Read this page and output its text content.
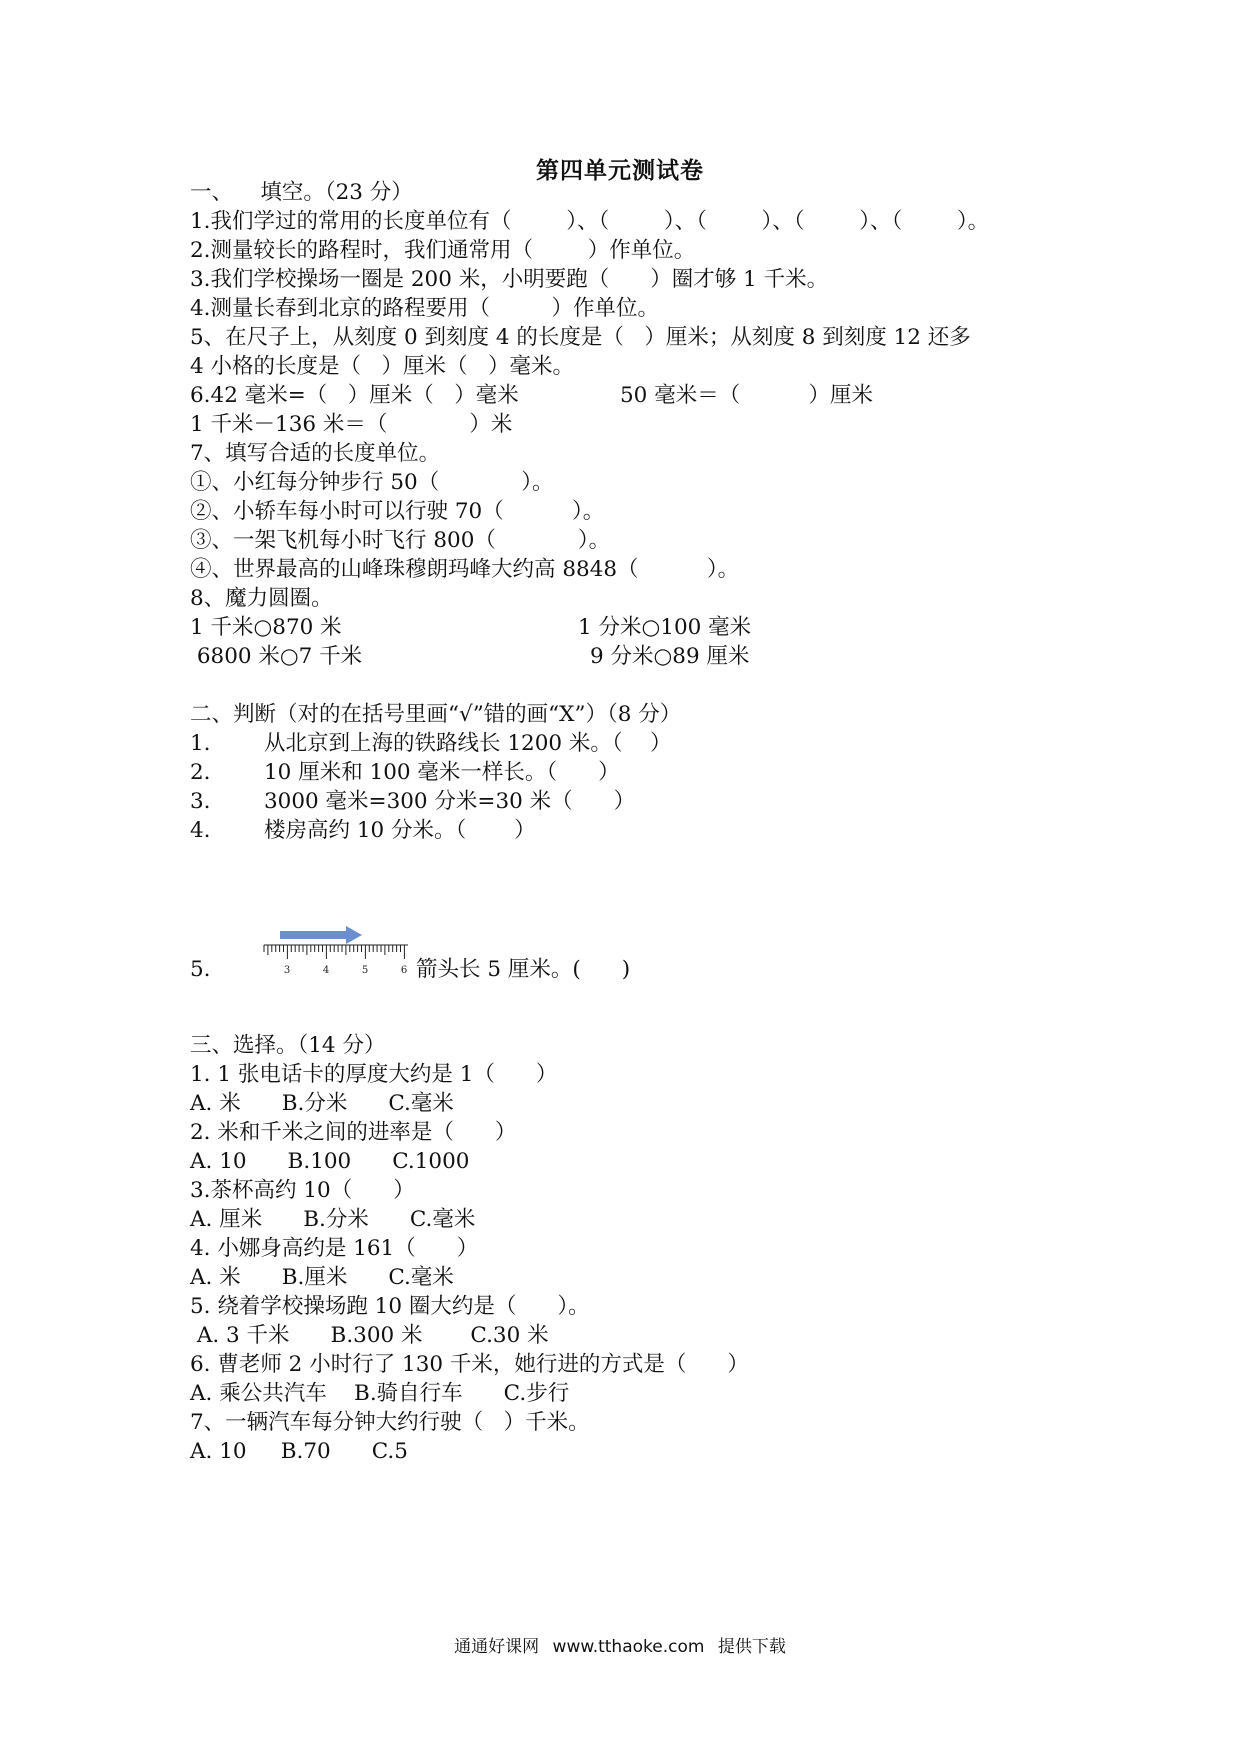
第四单元测试卷
一、    填空。（23 分）
1.我们学过的常用的长度单位有（        ）、（        ）、（        ）、（        ）、（        ）。
2.测量较长的路程时，我们通常用（        ）作单位。
3.我们学校操场一圈是 200 米，小明要跑（      ）圈才够 1 千米。
4.测量长春到北京的路程要用（         ）作单位。
5、在尺子上，从刻度 0 到刻度 4 的长度是（   ）厘米；从刻度 8 到刻度 12 还多
4 小格的长度是（   ）厘米（   ）毫米。
6.42 毫米=（   ）厘米（   ）毫米	50 毫米＝（          ）厘米
1 千米－136 米＝（            ）米
7、填写合适的长度单位。
①、小红每分钟步行 50（            ）。
②、小轿车每小时可以行驶 70（          ）。
③、一架飞机每小时飞行 800（            ）。
④、世界最高的山峰珠穆朗玛峰大约高 8848（          ）。
8、魔力圆圈。
1 千米○870 米	1 分米○100 毫米
6800 米○7 千米	9 分米○89 厘米
二、判断（对的在括号里画“√”错的画“X”）（8 分）
1. 从北京到上海的铁路线长 1200 米。（    ）
2. 10 厘米和 100 毫米一样长。（      ）
3. 3000 毫米=300 分米=30 米（      ）
4. 楼房高约 10 分米。（       ）
3	4	5	6
5.	箭头长 5 厘米。(      )
三、选择。（14 分）
1. 1 张电话卡的厚度大约是 1（      ）
A. 米      B.分米      C.毫米
2. 米和千米之间的进率是（      ）
A. 10      B.100      C.1000
3.茶杯高约 10（      ）
A. 厘米      B.分米      C.毫米
4. 小娜身高约是 161（      ）
A. 米      B.厘米      C.毫米
5. 绕着学校操场跑 10 圈大约是（      ）。
A. 3 千米      B.300 米       C.30 米
6. 曹老师 2 小时行了 130 千米，她行进的方式是（      ）
A. 乘公共汽车    B.骑自行车      C.步行
7、一辆汽车每分钟大约行驶（   ）千米。
A. 10     B.70      C.5
通通好课网 www.tthaoke.com 提供下载
